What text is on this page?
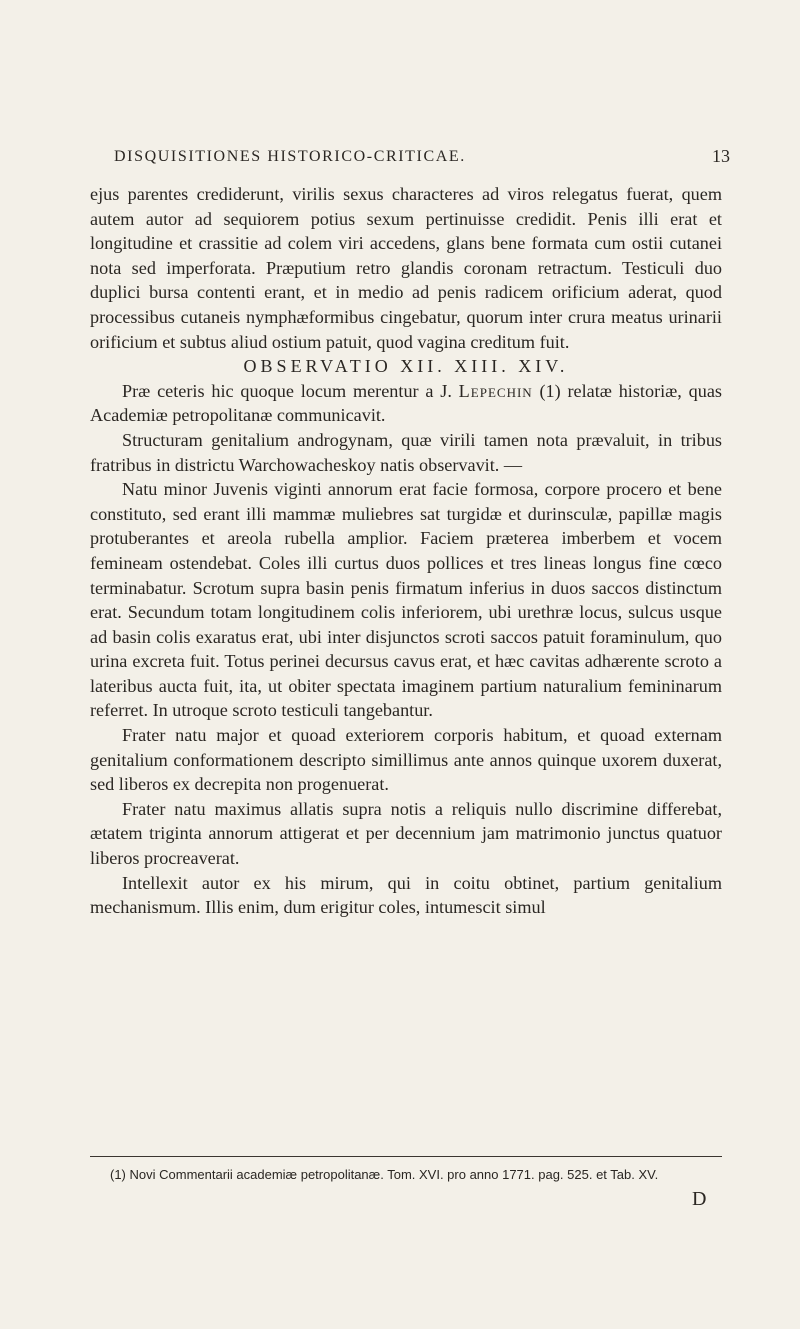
DISQUISITIONES HISTORICO-CRITICAE.	13

ejus parentes crediderunt, virilis sexus characteres ad viros relegatus fuerat, quem autem autor ad sequiorem potius sexum pertinuisse credidit. Penis illi erat et longitudine et crassitie ad colem viri accedens, glans bene formata cum ostii cutanei nota sed imperforata. Præputium retro glandis coronam retractum. Testiculi duo duplici bursa contenti erant, et in medio ad penis radicem orificium aderat, quod processibus cutaneis nymphæformibus cingebatur, quorum inter crura meatus urinarii orificium et subtus aliud ostium patuit, quod vagina creditum fuit.

OBSERVATIO XII. XIII. XIV.

Præ ceteris hic quoque locum merentur a J. Lepechin (1) relatæ historiæ, quas Academiæ petropolitanæ communicavit.

Structuram genitalium androgynam, quæ virili tamen nota prævaluit, in tribus fratribus in districtu Warchowacheskoy natis observavit. —

Natu minor Juvenis viginti annorum erat facie formosa, corpore procero et bene constituto, sed erant illi mammæ muliebres sat turgidæ et durinsculæ, papillæ magis protuberantes et areola rubella amplior. Faciem præterea imberbem et vocem femineam ostendebat. Coles illi curtus duos pollices et tres lineas longus fine cœco terminabatur. Scrotum supra basin penis firmatum inferius in duos saccos distinctum erat. Secundum totam longitudinem colis inferiorem, ubi urethræ locus, sulcus usque ad basin colis exaratus erat, ubi inter disjunctos scroti saccos patuit foraminulum, quo urina excreta fuit. Totus perinei decursus cavus erat, et hæc cavitas adhærente scroto a lateribus aucta fuit, ita, ut obiter spectata imaginem partium naturalium femininarum referret. In utroque scroto testiculi tangebantur.

Frater natu major et quoad exteriorem corporis habitum, et quoad externam genitalium conformationem descripto simillimus ante annos quinque uxorem duxerat, sed liberos ex decrepita non progenuerat.

Frater natu maximus allatis supra notis a reliquis nullo discrimine differebat, ætatem triginta annorum attigerat et per decennium jam matrimonio junctus quatuor liberos procreaverat.

Intellexit autor ex his mirum, qui in coitu obtinet, partium genitalium mechanismum. Illis enim, dum erigitur coles, intumescit simul

(1) Novi Commentarii academiæ petropolitanæ. Tom. XVI. pro anno 1771. pag. 525. et Tab. XV.
D
